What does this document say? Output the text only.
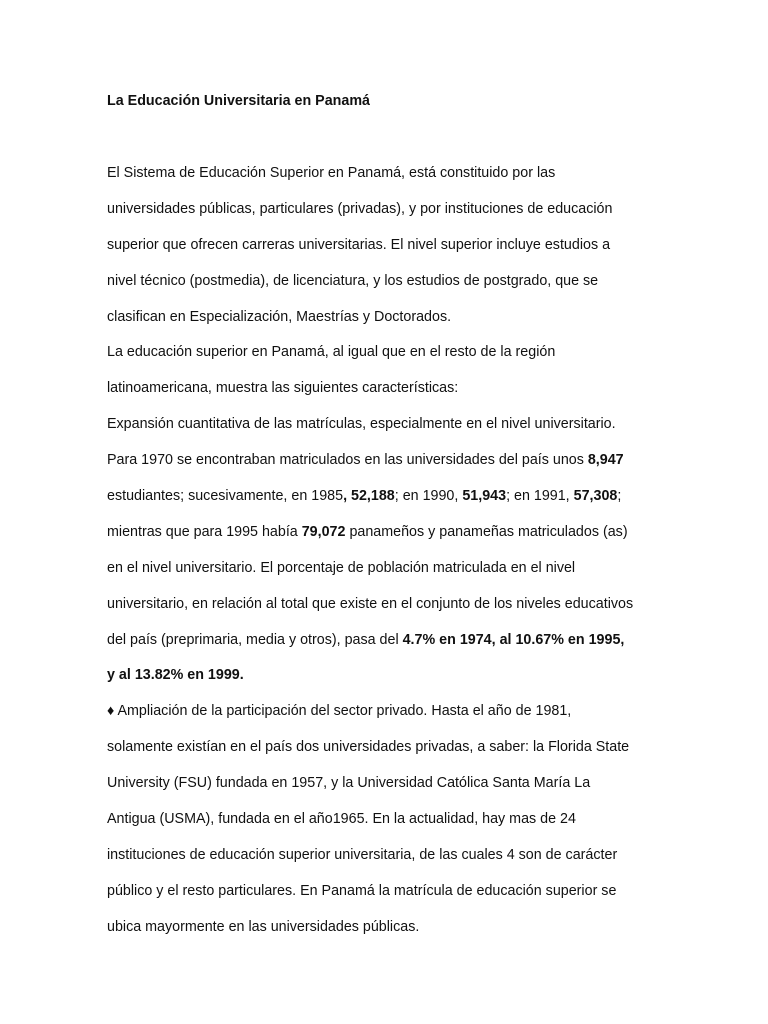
La Educación Universitaria en Panamá

El Sistema de Educación Superior en Panamá, está constituido por las
universidades públicas, particulares (privadas), y por instituciones de educación
superior que ofrecen carreras universitarias. El nivel superior incluye estudios a
nivel técnico (postmedia), de licenciatura, y los estudios de postgrado, que se
clasifican en Especialización, Maestrías y Doctorados.
La educación superior en Panamá, al igual que en el resto de la región
latinoamericana, muestra las siguientes características:
Expansión cuantitativa de las matrículas, especialmente en el nivel universitario.
Para 1970 se encontraban matriculados en las universidades del país unos 8,947
estudiantes; sucesivamente, en 1985, 52,188; en 1990, 51,943; en 1991, 57,308;
mientras que para 1995 había 79,072 panameños y panameñas matriculados (as)
en el nivel universitario. El porcentaje de población matriculada en el nivel
universitario, en relación al total que existe en el conjunto de los niveles educativos
del país (preprimaria, media y otros), pasa del 4.7% en 1974, al 10.67% en 1995,
y al 13.82% en 1999.
♦ Ampliación de la participación del sector privado. Hasta el año de 1981,
solamente existían en el país dos universidades privadas, a saber: la Florida State
University (FSU) fundada en 1957, y la Universidad Católica Santa María La
Antigua (USMA), fundada en el año1965. En la actualidad, hay mas de 24
instituciones de educación superior universitaria, de las cuales 4 son de carácter
público y el resto particulares. En Panamá la matrícula de educación superior se
ubica mayormente en las universidades públicas.
